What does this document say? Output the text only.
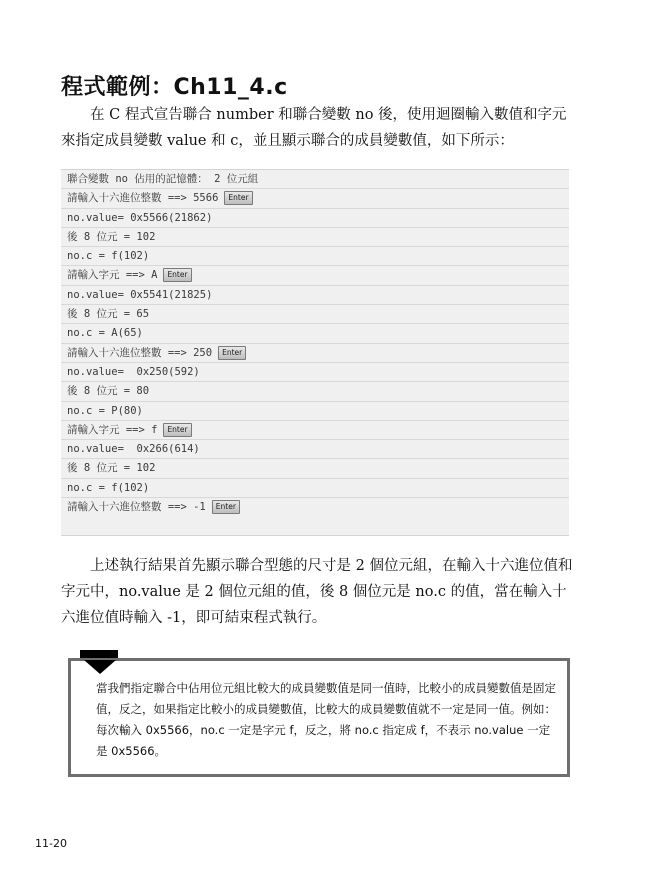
程式範例：Ch11_4.c

在 C 程式宣告聯合 number 和聯合變數 no 後，使用迴圈輸入數值和字元來指定成員變數 value 和 c，並且顯示聯合的成員變數值，如下所示：

聯合變數 no 佔用的記憶體： 2 位元組
請輸入十六進位整數 ==> 5566 Enter
no.value= 0x5566(21862)
後 8 位元 = 102
no.c = f(102)
請輸入字元 ==> A Enter
no.value= 0x5541(21825)
後 8 位元 = 65
no.c = A(65)
請輸入十六進位整數 ==> 250 Enter
no.value=  0x250(592)
後 8 位元 = 80
no.c = P(80)
請輸入字元 ==> f Enter
no.value=  0x266(614)
後 8 位元 = 102
no.c = f(102)
請輸入十六進位整數 ==> -1 Enter

上述執行結果首先顯示聯合型態的尺寸是 2 個位元組，在輸入十六進位值和字元中，no.value 是 2 個位元組的值，後 8 個位元是 no.c 的值，當在輸入十六進位值時輸入 -1，即可結束程式執行。

當我們指定聯合中佔用位元組比較大的成員變數值是同一值時，比較小的成員變數值是固定值，反之，如果指定比較小的成員變數值，比較大的成員變數值就不一定是同一值。例如：每次輸入 0x5566，no.c 一定是字元 f，反之，將 no.c 指定成 f，不表示 no.value 一定是 0x5566。

11-20
